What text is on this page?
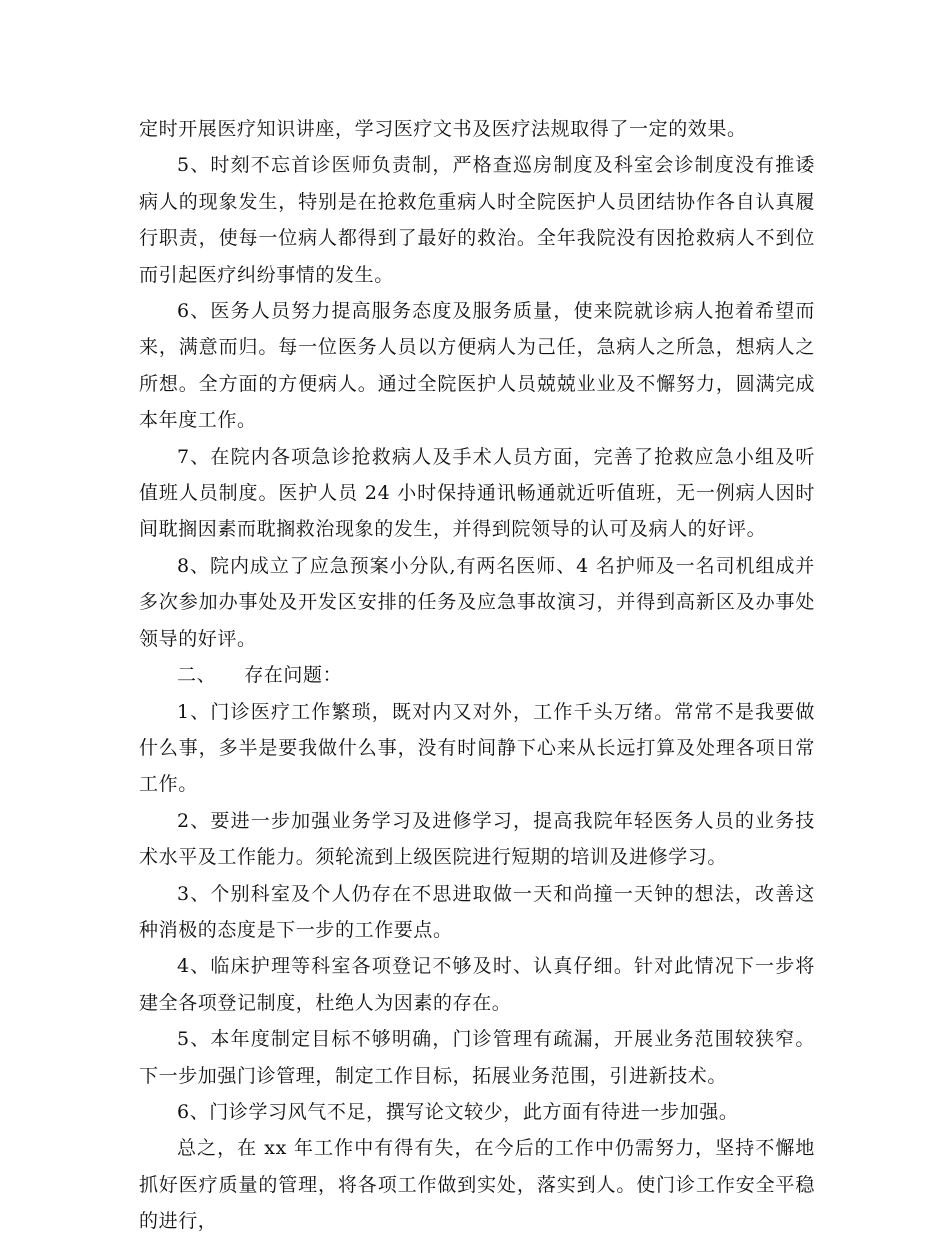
定时开展医疗知识讲座，学习医疗文书及医疗法规取得了一定的效果。

5、时刻不忘首诊医师负责制，严格查巡房制度及科室会诊制度没有推诿病人的现象发生，特别是在抢救危重病人时全院医护人员团结协作各自认真履行职责，使每一位病人都得到了最好的救治。全年我院没有因抢救病人不到位而引起医疗纠纷事情的发生。

6、医务人员努力提高服务态度及服务质量，使来院就诊病人抱着希望而来，满意而归。每一位医务人员以方便病人为己任，急病人之所急，想病人之所想。全方面的方便病人。通过全院医护人员兢兢业业及不懈努力，圆满完成本年度工作。

7、在院内各项急诊抢救病人及手术人员方面，完善了抢救应急小组及听值班人员制度。医护人员 24 小时保持通讯畅通就近听值班，无一例病人因时间耽搁因素而耽搁救治现象的发生，并得到院领导的认可及病人的好评。

8、院内成立了应急预案小分队,有两名医师、4 名护师及一名司机组成并多次参加办事处及开发区安排的任务及应急事故演习，并得到高新区及办事处领导的好评。

二、 存在问题：

1、门诊医疗工作繁琐，既对内又对外，工作千头万绪。常常不是我要做什么事，多半是要我做什么事，没有时间静下心来从长远打算及处理各项日常工作。

2、要进一步加强业务学习及进修学习，提高我院年轻医务人员的业务技术水平及工作能力。须轮流到上级医院进行短期的培训及进修学习。

3、个别科室及个人仍存在不思进取做一天和尚撞一天钟的想法，改善这种消极的态度是下一步的工作要点。

4、临床护理等科室各项登记不够及时、认真仔细。针对此情况下一步将建全各项登记制度，杜绝人为因素的存在。

5、本年度制定目标不够明确，门诊管理有疏漏，开展业务范围较狭窄。下一步加强门诊管理，制定工作目标，拓展业务范围，引进新技术。

6、门诊学习风气不足，撰写论文较少，此方面有待进一步加强。

总之，在 xx 年工作中有得有失，在今后的工作中仍需努力，坚持不懈地抓好医疗质量的管理，将各项工作做到实处，落实到人。使门诊工作安全平稳的进行，
